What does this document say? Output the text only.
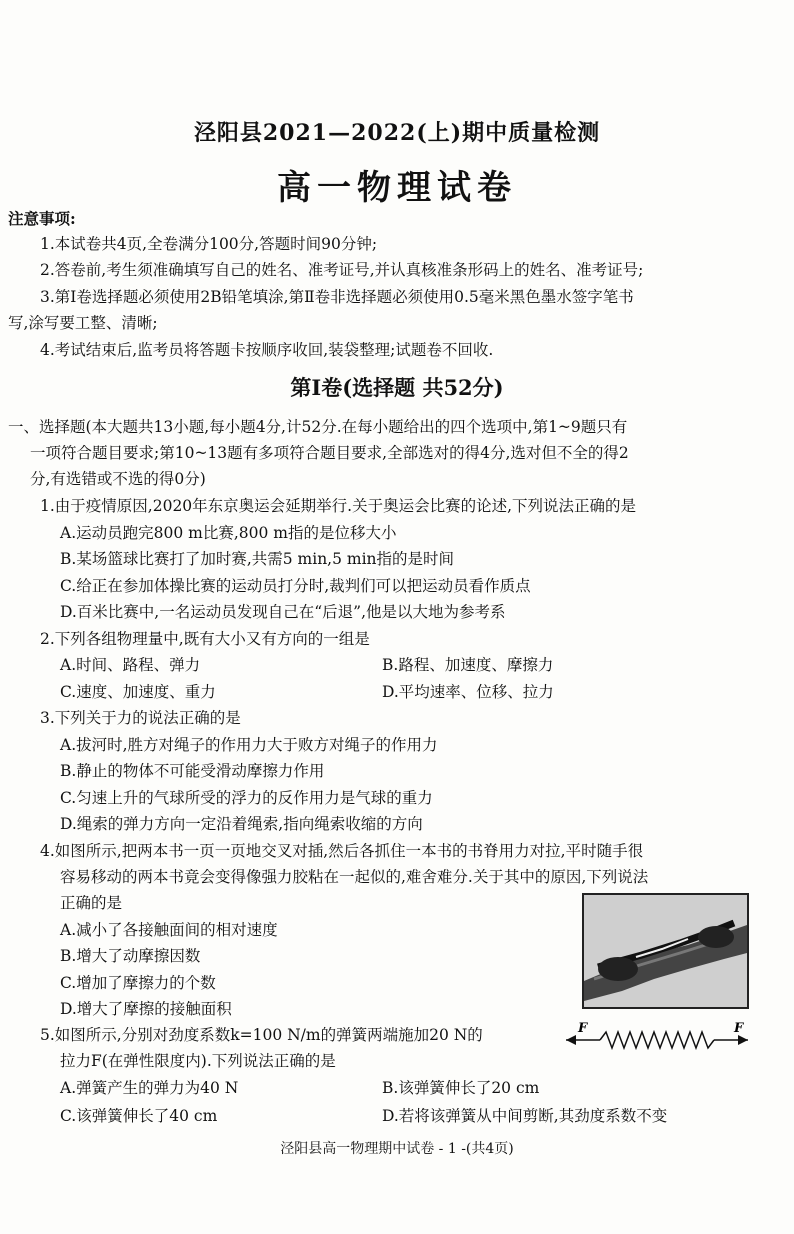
泾阳县2021—2022(上)期中质量检测
高一物理试卷
注意事项:
1.本试卷共4页,全卷满分100分,答题时间90分钟;
2.答卷前,考生须准确填写自己的姓名、准考证号,并认真核准条形码上的姓名、准考证号;
3.第Ⅰ卷选择题必须使用2B铅笔填涂,第Ⅱ卷非选择题必须使用0.5毫米黑色墨水签字笔书
写,涂写要工整、清晰;
4.考试结束后,监考员将答题卡按顺序收回,装袋整理;试题卷不回收.
第Ⅰ卷(选择题 共52分)
一、选择题(本大题共13小题,每小题4分,计52分.在每小题给出的四个选项中,第1~9题只有
一项符合题目要求;第10~13题有多项符合题目要求,全部选对的得4分,选对但不全的得2
分,有选错或不选的得0分)
1.由于疫情原因,2020年东京奥运会延期举行.关于奥运会比赛的论述,下列说法正确的是
A.运动员跑完800 m比赛,800 m指的是位移大小
B.某场篮球比赛打了加时赛,共需5 min,5 min指的是时间
C.给正在参加体操比赛的运动员打分时,裁判们可以把运动员看作质点
D.百米比赛中,一名运动员发现自己在“后退”,他是以大地为参考系
2.下列各组物理量中,既有大小又有方向的一组是
A.时间、路程、弹力	B.路程、加速度、摩擦力
C.速度、加速度、重力	D.平均速率、位移、拉力
3.下列关于力的说法正确的是
A.拔河时,胜方对绳子的作用力大于败方对绳子的作用力
B.静止的物体不可能受滑动摩擦力作用
C.匀速上升的气球所受的浮力的反作用力是气球的重力
D.绳索的弹力方向一定沿着绳索,指向绳索收缩的方向
4.如图所示,把两本书一页一页地交叉对插,然后各抓住一本书的书脊用力对拉,平时随手很
容易移动的两本书竟会变得像强力胶粘在一起似的,难舍难分.关于其中的原因,下列说法
正确的是
A.减小了各接触面间的相对速度
B.增大了动摩擦因数
C.增加了摩擦力的个数
D.增大了摩擦的接触面积
5.如图所示,分别对劲度系数k=100 N/m的弹簧两端施加20 N的
拉力F(在弹性限度内).下列说法正确的是
F	F
A.弹簧产生的弹力为40 N	B.该弹簧伸长了20 cm
C.该弹簧伸长了40 cm	D.若将该弹簧从中间剪断,其劲度系数不变
泾阳县高一物理期中试卷 - 1 -(共4页)
